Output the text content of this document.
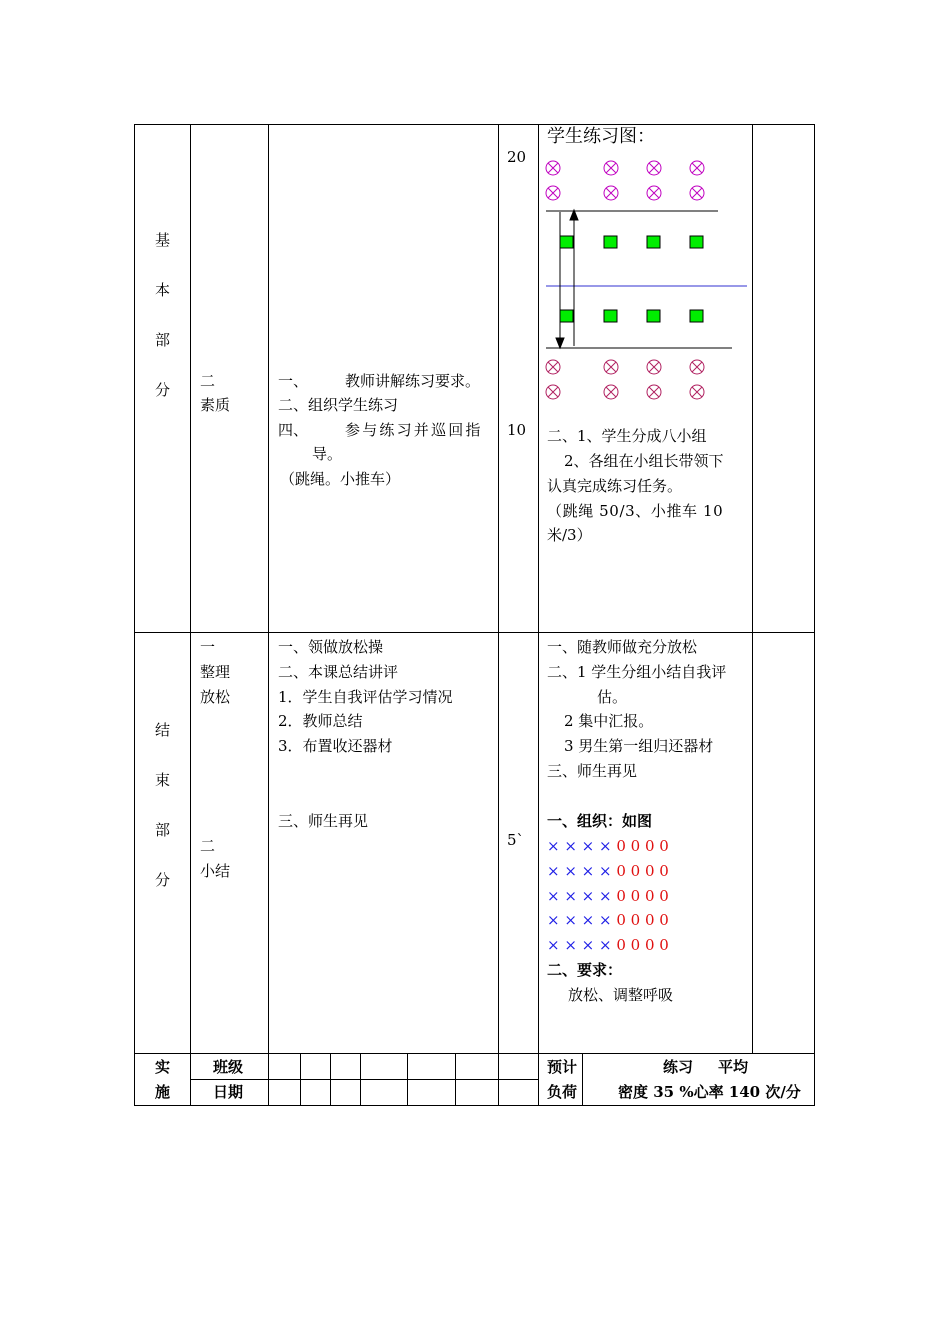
基
本
部
分 二
素质
一、 教师讲解练习要求。
二、组织学生练习
四、 参与练习并巡回指
导。
（跳绳。小推车）
20
10
学生练习图：
二、1、学生分成八小组
2、各组在小组长带领下
认真完成练习任务。
（跳绳 50/3、小推车 10
米/3）
结
束
部
分
一
整理
放松
二
小结
一、领做放松操
二、本课总结讲评
1．学生自我评估学习情况
2．教师总结
3．布置收还器材
三、师生再见
5`
一、随教师做充分放松
二、1 学生分组小结自我评
估。
2 集中汇报。
3 男生第一组归还器材
三、师生再见
一、组织：如图
× × × × 0 0 0 0
× × × × 0 0 0 0
× × × × 0 0 0 0
× × × × 0 0 0 0
× × × × 0 0 0 0
二、要求：
放松、调整呼吸
实
施
班级
日期
预计
负荷
练习 平均
密度 35 %心率 140 次/分
